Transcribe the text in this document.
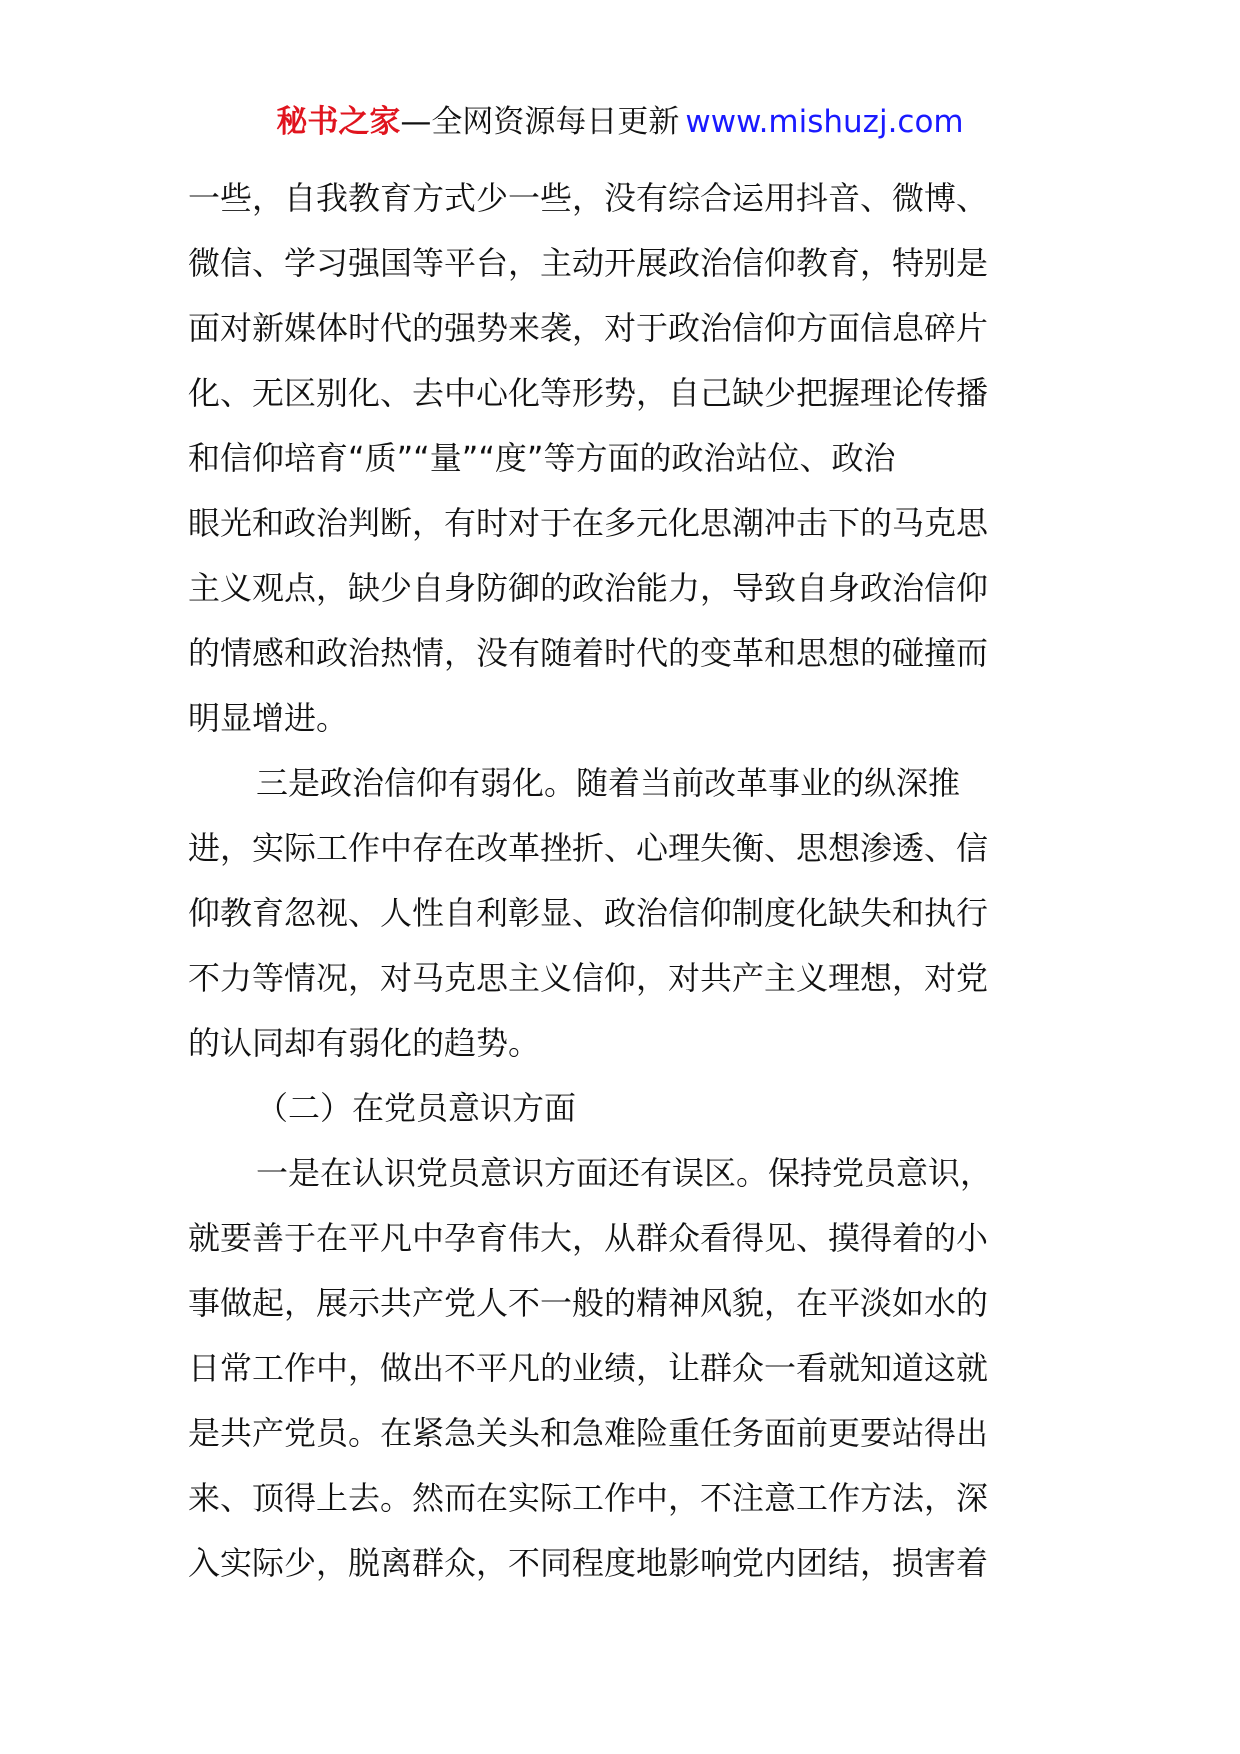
秘书之家—全网资源每日更新 www.mishuzj.com
一些，自我教育方式少一些，没有综合运用抖音、微博、
微信、学习强国等平台，主动开展政治信仰教育，特别是
面对新媒体时代的强势来袭，对于政治信仰方面信息碎片
化、无区别化、去中心化等形势，自己缺少把握理论传播
和信仰培育“质”“量”“度”等方面的政治站位、政治
眼光和政治判断，有时对于在多元化思潮冲击下的马克思
主义观点，缺少自身防御的政治能力，导致自身政治信仰
的情感和政治热情，没有随着时代的变革和思想的碰撞而
明显增进。
三是政治信仰有弱化。随着当前改革事业的纵深推
进，实际工作中存在改革挫折、心理失衡、思想渗透、信
仰教育忽视、人性自利彰显、政治信仰制度化缺失和执行
不力等情况，对马克思主义信仰，对共产主义理想，对党
的认同却有弱化的趋势。
（二）在党员意识方面
一是在认识党员意识方面还有误区。保持党员意识，
就要善于在平凡中孕育伟大，从群众看得见、摸得着的小
事做起，展示共产党人不一般的精神风貌，在平淡如水的
日常工作中，做出不平凡的业绩，让群众一看就知道这就
是共产党员。在紧急关头和急难险重任务面前更要站得出
来、顶得上去。然而在实际工作中，不注意工作方法，深
入实际少，脱离群众，不同程度地影响党内团结，损害着
